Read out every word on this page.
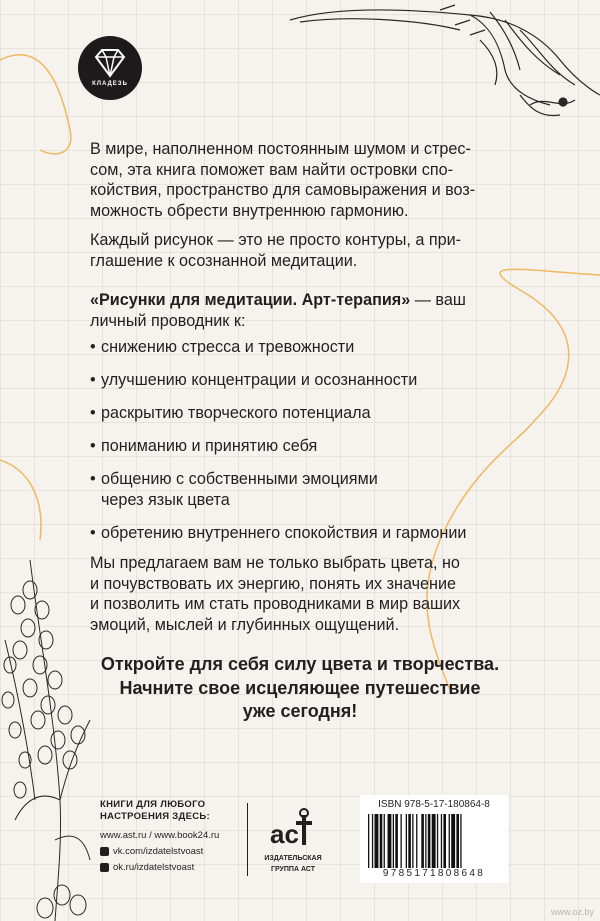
КЛАДЕЗЬ
В мире, наполненном постоянным шумом и стрес-
сом, эта книга поможет вам найти островки спо-
койствия, пространство для самовыражения и воз-
можность обрести внутреннюю гармонию.
Каждый рисунок — это не просто контуры, а при-
глашение к осознанной медитации.
«Рисунки для медитации. Арт-терапия» — ваш
личный проводник к:
• снижению стресса и тревожности
• улучшению концентрации и осознанности
• раскрытию творческого потенциала
• пониманию и принятию себя
• общению с собственными эмоциями
через язык цвета
• обретению внутреннего спокойствия и гармонии
Мы предлагаем вам не только выбрать цвета, но
и почувствовать их энергию, понять их значение
и позволить им стать проводниками в мир ваших
эмоций, мыслей и глубинных ощущений.
Откройте для себя силу цвета и творчества.
Начните свое исцеляющее путешествие
уже сегодня!
КНИГИ ДЛЯ ЛЮБОГО
НАСТРОЕНИЯ ЗДЕСЬ:
www.ast.ru / www.book24.ru
vk.com/izdatelstvoast
ok.ru/izdatelstvoast
ас
ИЗДАТЕЛЬСКАЯ
ГРУППА АСТ
ISBN 978-5-17-180864-8
9785171808648
www.oz.by
